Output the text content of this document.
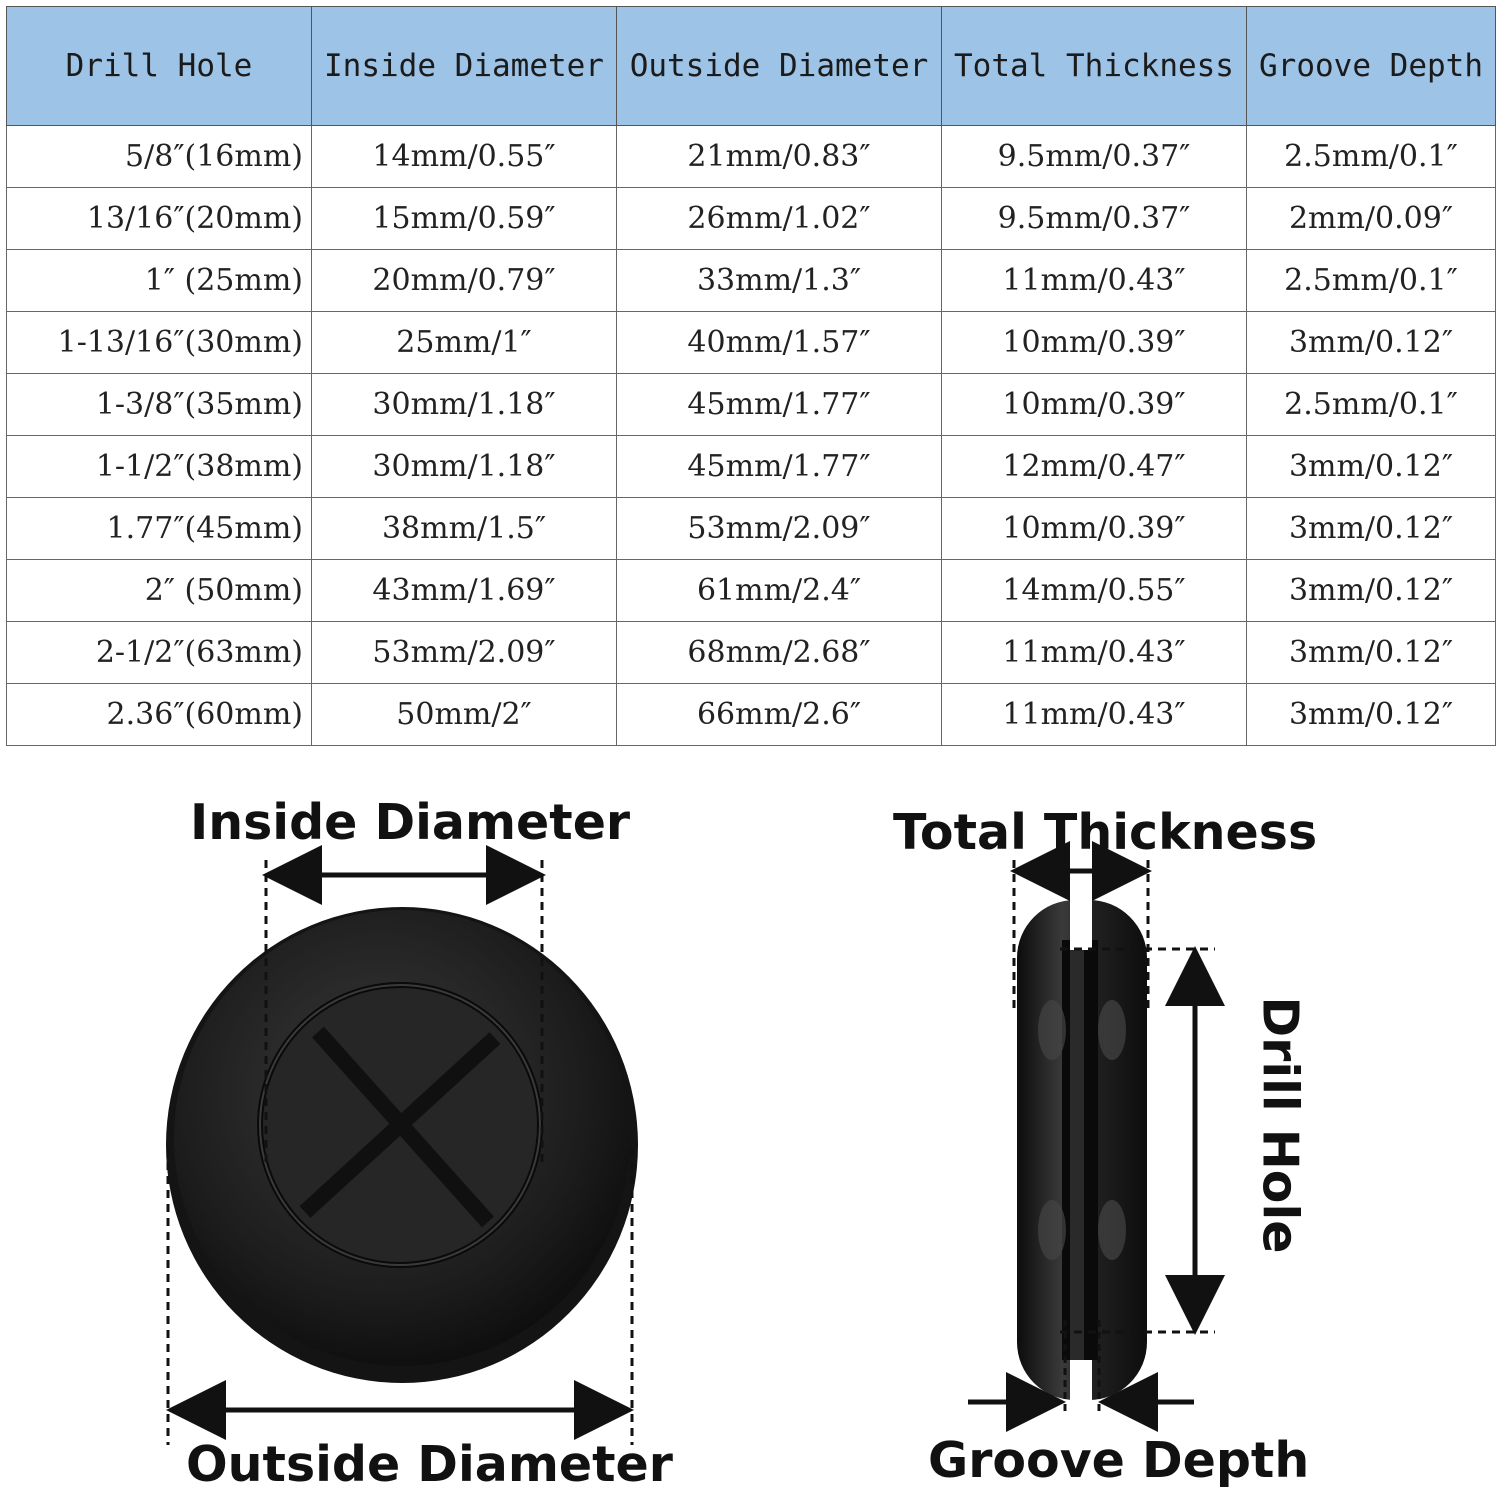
Drill Hole	Inside Diameter	Outside Diameter	Total Thickness	Groove Depth
5/8″(16mm)	14mm/0.55″	21mm/0.83″	9.5mm/0.37″	2.5mm/0.1″
13/16″(20mm)	15mm/0.59″	26mm/1.02″	9.5mm/0.37″	2mm/0.09″
1″ (25mm)	20mm/0.79″	33mm/1.3″	11mm/0.43″	2.5mm/0.1″
1-13/16″(30mm)	25mm/1″	40mm/1.57″	10mm/0.39″	3mm/0.12″
1-3/8″(35mm)	30mm/1.18″	45mm/1.77″	10mm/0.39″	2.5mm/0.1″
1-1/2″(38mm)	30mm/1.18″	45mm/1.77″	12mm/0.47″	3mm/0.12″
1.77″(45mm)	38mm/1.5″	53mm/2.09″	10mm/0.39″	3mm/0.12″
2″ (50mm)	43mm/1.69″	61mm/2.4″	14mm/0.55″	3mm/0.12″
2-1/2″(63mm)	53mm/2.09″	68mm/2.68″	11mm/0.43″	3mm/0.12″
2.36″(60mm)	50mm/2″	66mm/2.6″	11mm/0.43″	3mm/0.12″
Inside Diameter
Outside Diameter
Total Thickness
Drill Hole
Groove Depth
